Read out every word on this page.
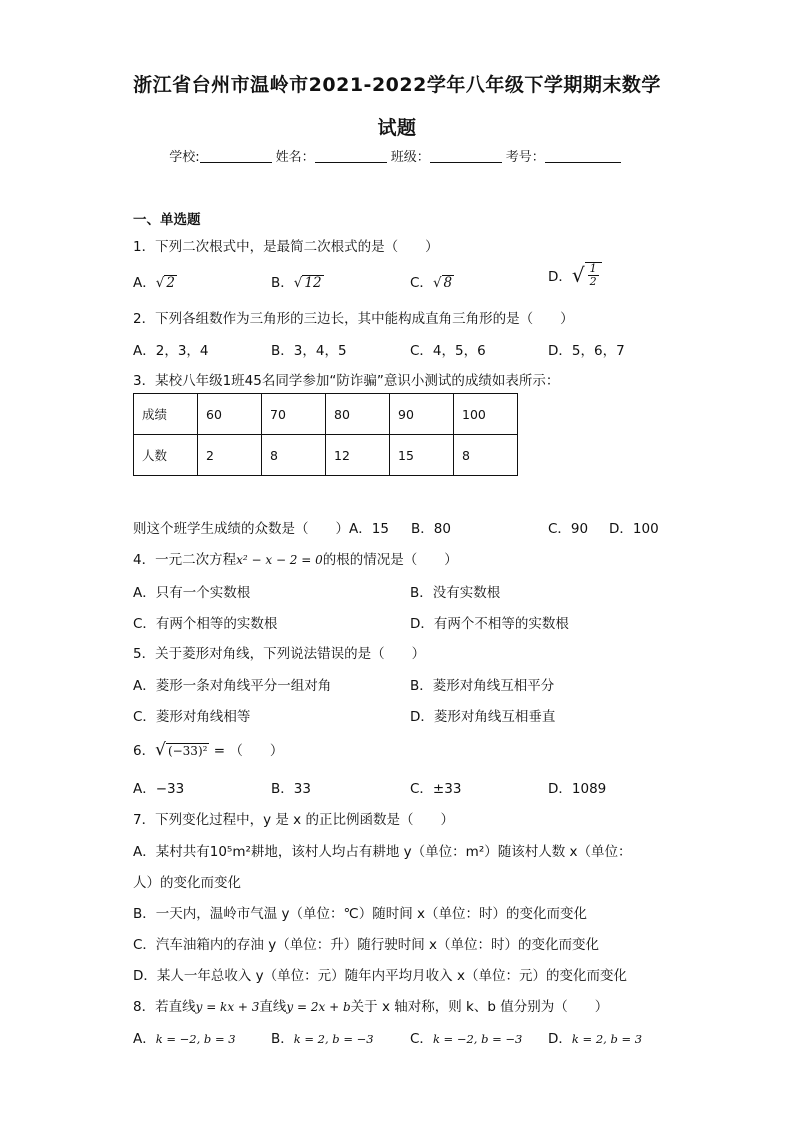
浙江省台州市温岭市2021-2022学年八年级下学期期末数学
试题
学校:	姓名：	班级：	考号：
一、单选题
1．下列二次根式中，是最简二次根式的是（　　）
A．√ 2	B．√ 12	C．√ 8	D．√ $\frac{1}{2}$
2．下列各组数作为三角形的三边长，其中能构成直角三角形的是（　　）
A．2，3，4	B．3，4，5	C．4，5，6	D．5，6，7
3．某校八年级1班45名同学参加“防诈骗”意识小测试的成绩如表所示：
成绩	60	70	80	90	100
人数	2	8	12	15	8
则这个班学生成绩的众数是（　　）A．15 B．80	C．90 D．100
4．一元二次方程x² − x − 2 = 0的根的情况是（　　）
A．只有一个实数根	B．没有实数根
C．有两个相等的实数根	D．有两个不相等的实数根
5．关于菱形对角线，下列说法错误的是（　　）
A．菱形一条对角线平分一组对角	B．菱形对角线互相平分
C．菱形对角线相等	D．菱形对角线互相垂直
6．√ (−33)² = （　　）
A．−33	B．33	C．±33	D．1089
7．下列变化过程中，y 是 x 的正比例函数是（　　）
A．某村共有10⁵m²耕地，该村人均占有耕地 y（单位：m²）随该村人数 x（单位：
人）的变化而变化
B．一天内，温岭市气温 y（单位：℃）随时间 x（单位：时）的变化而变化
C．汽车油箱内的存油 y（单位：升）随行驶时间 x（单位：时）的变化而变化
D．某人一年总收入 y（单位：元）随年内平均月收入 x（单位：元）的变化而变化
8．若直线y = kx + 3直线y = 2x + b关于 x 轴对称，则 k、b 值分别为（　　）
A．k = −2, b = 3	B．k = 2, b = −3	C．k = −2, b = −3 D．k = 2, b = 3
